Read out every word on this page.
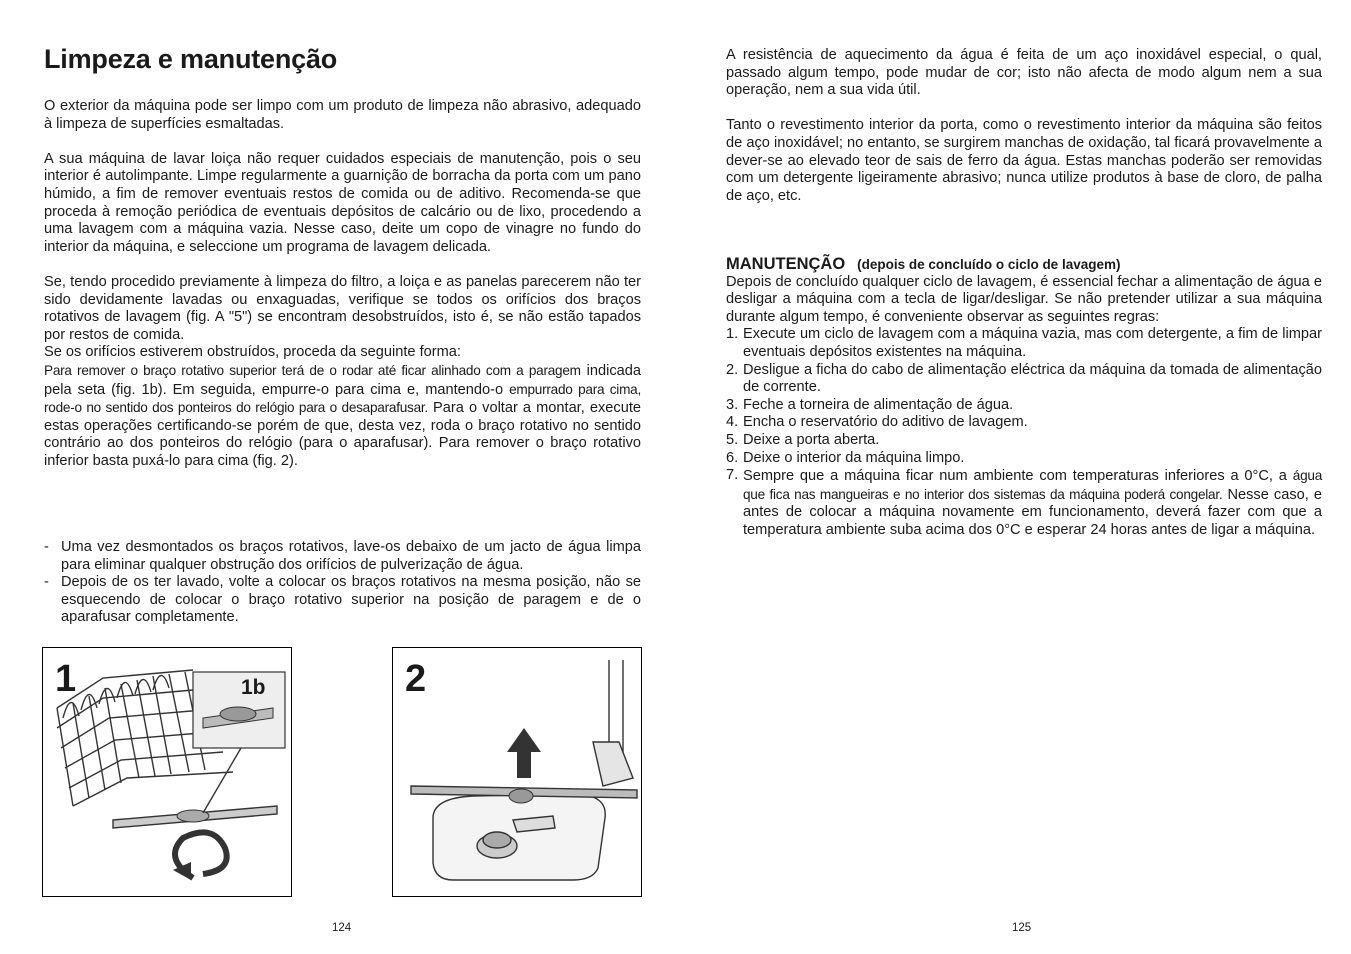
Limpeza e manutenção

O exterior da máquina pode ser limpo com um produto de limpeza não abrasivo, adequado à limpeza de superfícies esmaltadas.

A sua máquina de lavar loiça não requer cuidados especiais de manutenção, pois o seu interior é autolimpante. Limpe regularmente a guarnição de borracha da porta com um pano húmido, a fim de remover eventuais restos de comida ou de aditivo. Recomenda-se que proceda à remoção periódica de eventuais depósitos de calcário ou de lixo, procedendo a uma lavagem com a máquina vazia. Nesse caso, deite um copo de vinagre no fundo do interior da máquina, e seleccione um programa de lavagem delicada.

Se, tendo procedido previamente à limpeza do filtro, a loiça e as panelas parecerem não ter sido devidamente lavadas ou enxaguadas, verifique se todos os orifícios dos braços rotativos de lavagem (fig. A "5") se encontram desobstruídos, isto é, se não estão tapados por restos de comida.

Se os orifícios estiverem obstruídos, proceda da seguinte forma:

Para remover o braço rotativo superior terá de o rodar até ficar alinhado com a paragem indicada pela seta (fig. 1b). Em seguida, empurre-o para cima e, mantendo-o empurrado para cima, rode-o no sentido dos ponteiros do relógio para o desaparafusar. Para o voltar a montar, execute estas operações certificando-se porém de que, desta vez, roda o braço rotativo no sentido contrário ao dos ponteiros do relógio (para o aparafusar). Para remover o braço rotativo inferior basta puxá-lo para cima (fig. 2).

- Uma vez desmontados os braços rotativos, lave-os debaixo de um jacto de água limpa para eliminar qualquer obstrução dos orifícios de pulverização de água.
- Depois de os ter lavado, volte a colocar os braços rotativos na mesma posição, não se esquecendo de colocar o braço rotativo superior na posição de paragem e de o aparafusar completamente.
1	1b	2
124

A resistência de aquecimento da água é feita de um aço inoxidável especial, o qual, passado algum tempo, pode mudar de cor; isto não afecta de modo algum nem a sua operação, nem a sua vida útil.

Tanto o revestimento interior da porta, como o revestimento interior da máquina são feitos de aço inoxidável; no entanto, se surgirem manchas de oxidação, tal ficará provavelmente a dever-se ao elevado teor de sais de ferro da água. Estas manchas poderão ser removidas com um detergente ligeiramente abrasivo; nunca utilize produtos à base de cloro, de palha de aço, etc.

MANUTENÇÃO (depois de concluído o ciclo de lavagem)

Depois de concluído qualquer ciclo de lavagem, é essencial fechar a alimentação de água e desligar a máquina com a tecla de ligar/desligar. Se não pretender utilizar a sua máquina durante algum tempo, é conveniente observar as seguintes regras:

1. Execute um ciclo de lavagem com a máquina vazia, mas com detergente, a fim de limpar eventuais depósitos existentes na máquina.
2. Desligue a ficha do cabo de alimentação eléctrica da máquina da tomada de alimentação de corrente.
3. Feche a torneira de alimentação de água.
4. Encha o reservatório do aditivo de lavagem.
5. Deixe a porta aberta.
6. Deixe o interior da máquina limpo.
7. Sempre que a máquina ficar num ambiente com temperaturas inferiores a 0°C, a água que fica nas mangueiras e no interior dos sistemas da máquina poderá congelar. Nesse caso, e antes de colocar a máquina novamente em funcionamento, deverá fazer com que a temperatura ambiente suba acima dos 0°C e esperar 24 horas antes de ligar a máquina.
125
